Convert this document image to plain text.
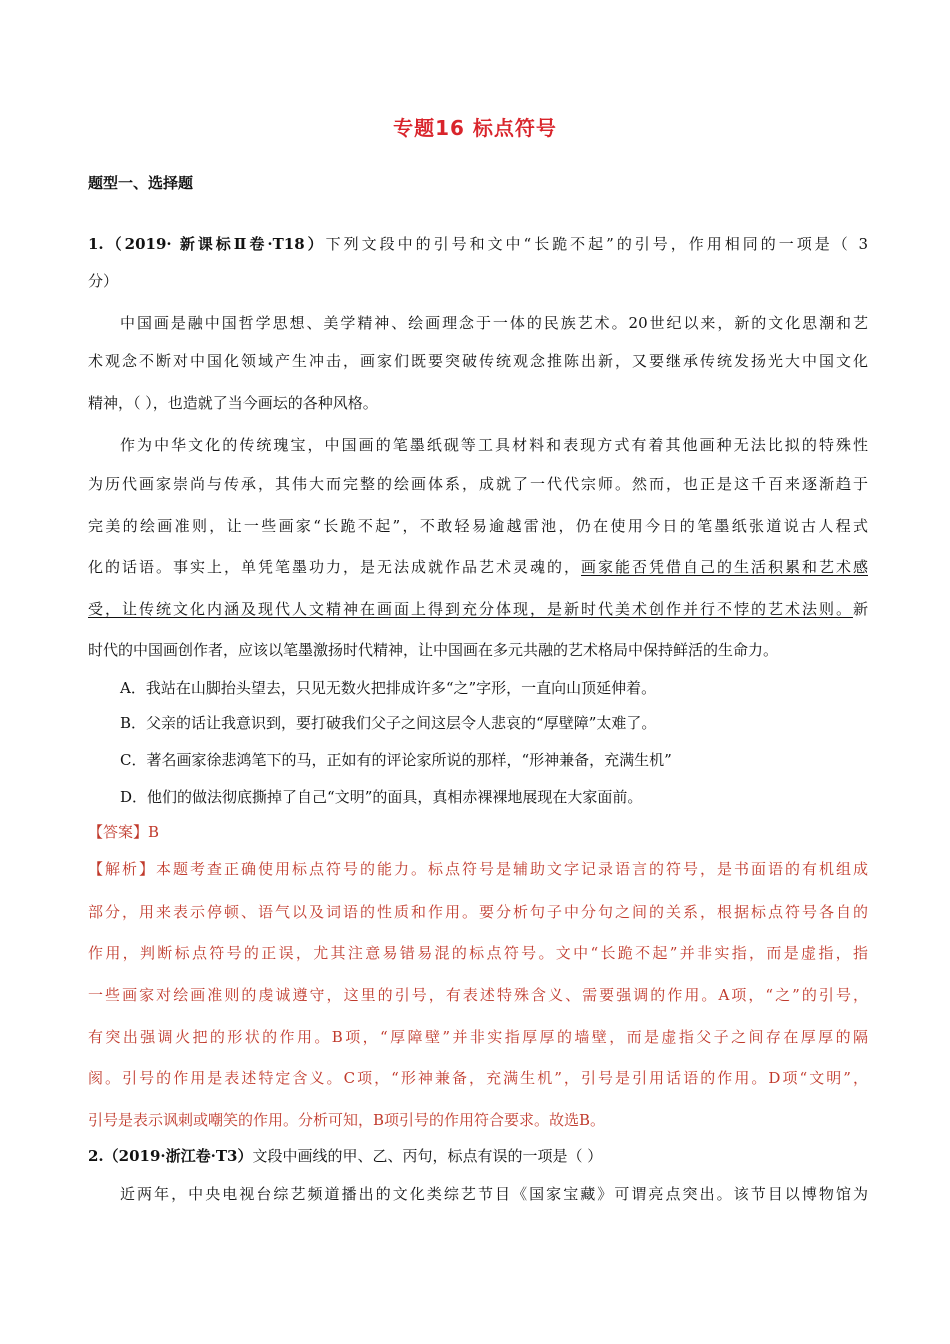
专题16 标点符号
题型一、选择题
1.（2019· 新课标Ⅱ卷·T18）下列文段中的引号和文中“长跪不起”的引号，作用相同的一项是（ 3
分）
中国画是融中国哲学思想、美学精神、绘画理念于一体的民族艺术。20世纪以来，新的文化思潮和艺
术观念不断对中国化领域产生冲击，画家们既要突破传统观念推陈出新，又要继承传统发扬光大中国文化
精神，（ ），也造就了当今画坛的各种风格。
作为中华文化的传统瑰宝，中国画的笔墨纸砚等工具材料和表现方式有着其他画种无法比拟的特殊性
为历代画家崇尚与传承，其伟大而完整的绘画体系，成就了一代代宗师。然而，也正是这千百来逐渐趋于
完美的绘画准则，让一些画家“长跪不起”，不敢轻易逾越雷池，仍在使用今日的笔墨纸张道说古人程式
化的话语。事实上，单凭笔墨功力，是无法成就作品艺术灵魂的，画家能否凭借自己的生活积累和艺术感
受，让传统文化内涵及现代人文精神在画面上得到充分体现，是新时代美术创作并行不悖的艺术法则。新
时代的中国画创作者，应该以笔墨激扬时代精神，让中国画在多元共融的艺术格局中保持鲜活的生命力。
A．我站在山脚抬头望去，只见无数火把排成许多“之”字形，一直向山顶延伸着。
B．父亲的话让我意识到，要打破我们父子之间这层令人悲哀的“厚壁障”太难了。
C．著名画家徐悲鸿笔下的马，正如有的评论家所说的那样，“形神兼备，充满生机”
D．他们的做法彻底撕掉了自己“文明”的面具，真相赤裸裸地展现在大家面前。
【答案】B
【解析】本题考查正确使用标点符号的能力。标点符号是辅助文字记录语言的符号，是书面语的有机组成
部分，用来表示停顿、语气以及词语的性质和作用。要分析句子中分句之间的关系，根据标点符号各自的
作用，判断标点符号的正误，尤其注意易错易混的标点符号。文中“长跪不起”并非实指，而是虚指，指
一些画家对绘画准则的虔诚遵守，这里的引号，有表述特殊含义、需要强调的作用。A项，“之”的引号，
有突出强调火把的形状的作用。B项，“厚障壁”并非实指厚厚的墙壁，而是虚指父子之间存在厚厚的隔
阂。引号的作用是表述特定含义。C项，“形神兼备，充满生机”，引号是引用话语的作用。D项“文明”，
引号是表示讽刺或嘲笑的作用。分析可知，B项引号的作用符合要求。故选B。
2.（2019·浙江卷·T3）文段中画线的甲、乙、丙句，标点有误的一项是（ ）
近两年，中央电视台综艺频道播出的文化类综艺节目《国家宝藏》可谓亮点突出。该节目以博物馆为
